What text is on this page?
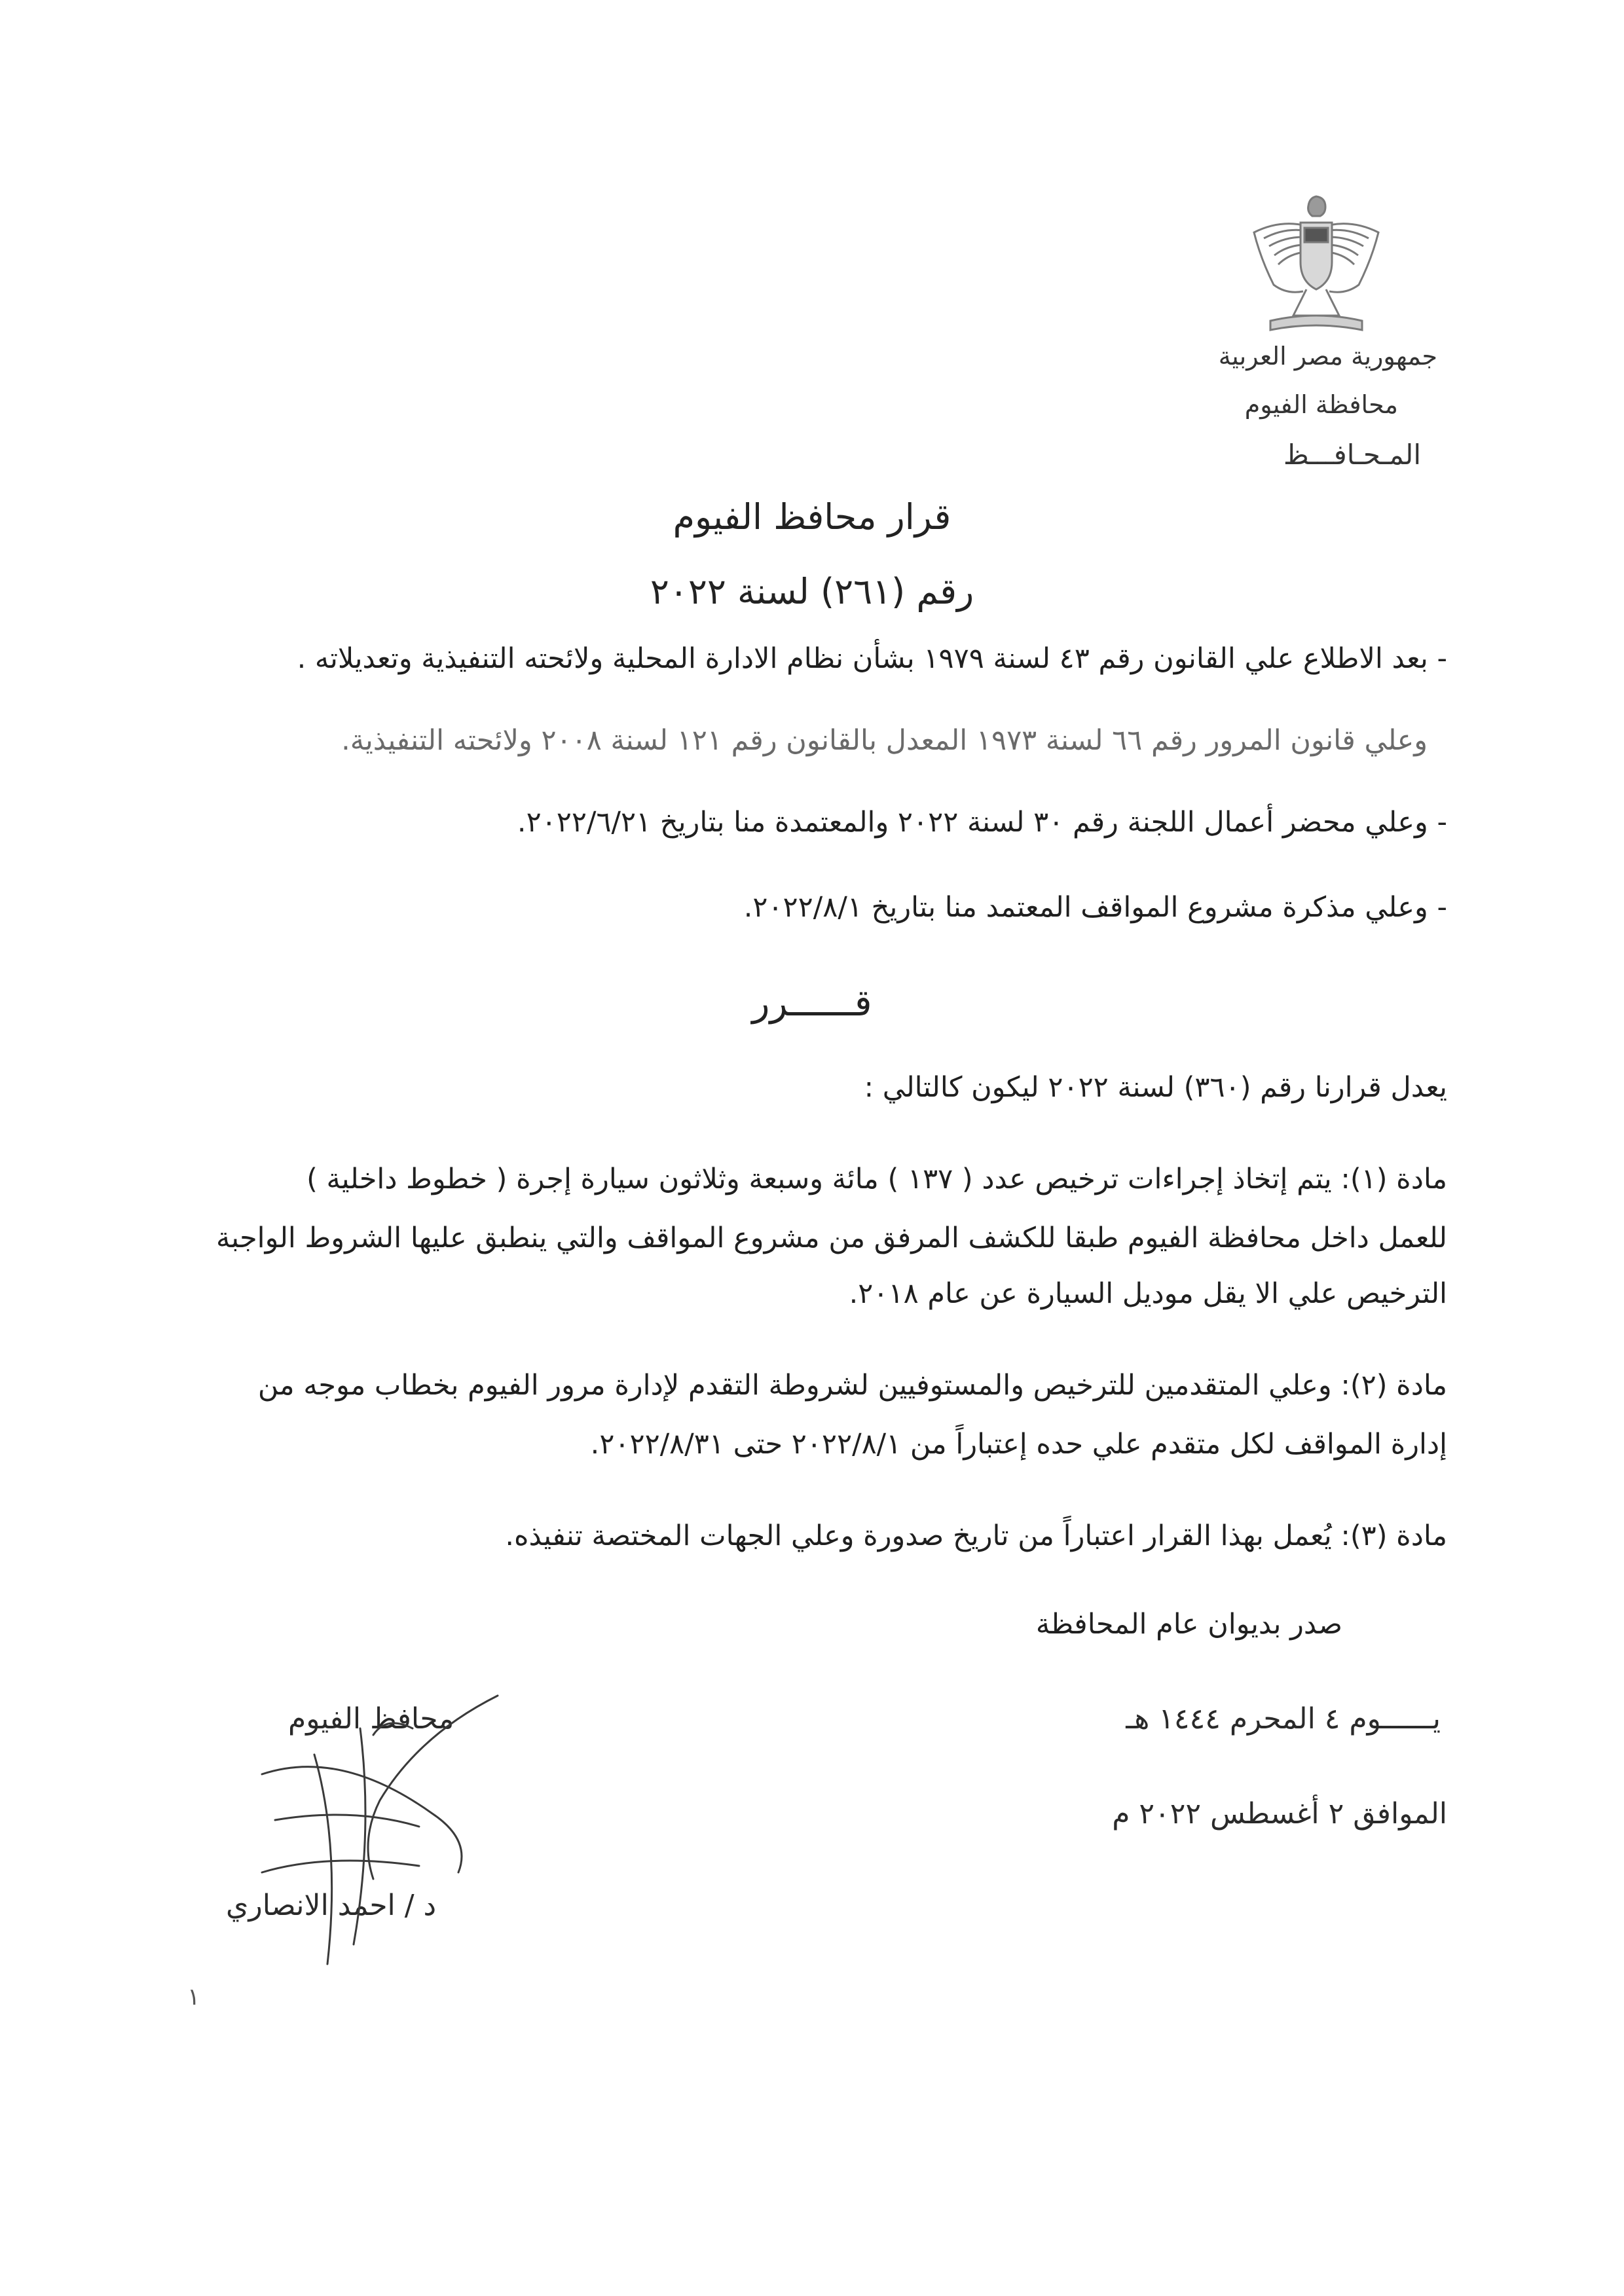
جمهورية مصر العربية
محافظة الفيوم
المـحـافـــظ
قرار محافظ الفيوم
رقم (٢٦١) لسنة ٢٠٢٢
- بعد الاطلاع علي القانون رقم ٤٣ لسنة ١٩٧٩ بشأن نظام الادارة المحلية ولائحته التنفيذية وتعديلاته .
وعلي قانون المرور رقم ٦٦ لسنة ١٩٧٣ المعدل بالقانون رقم ١٢١ لسنة ٢٠٠٨ ولائحته التنفيذية.
- وعلي محضر أعمال اللجنة رقم ٣٠ لسنة ٢٠٢٢ والمعتمدة منا بتاريخ ٢٠٢٢/٦/٢١.
- وعلي مذكرة مشروع المواقف المعتمد منا بتاريخ ٢٠٢٢/٨/١.
قــــــرر
يعدل قرارنا رقم (٣٦٠) لسنة ٢٠٢٢ ليكون كالتالي :
مادة (١): يتم إتخاذ إجراءات ترخيص عدد ( ١٣٧ ) مائة وسبعة وثلاثون سيارة إجرة ( خطوط داخلية )
للعمل داخل محافظة الفيوم طبقا للكشف المرفق من مشروع المواقف والتي ينطبق عليها الشروط الواجبة
الترخيص علي الا يقل موديل السيارة عن عام ٢٠١٨.
مادة (٢): وعلي المتقدمين للترخيص والمستوفيين لشروطة التقدم لإدارة مرور الفيوم بخطاب موجه من
إدارة المواقف لكل متقدم علي حده إعتباراً من ٢٠٢٢/٨/١ حتى ٢٠٢٢/٨/٣١.
مادة (٣): يُعمل بهذا القرار اعتباراً من تاريخ صدورة وعلي الجهات المختصة تنفيذه.
صدر بديوان عام المحافظة
يــــــوم ٤ المحرم ١٤٤٤ هـ
الموافق ٢ أغسطس ٢٠٢٢ م
محافظ الفيوم
د / احمد الانصاري
١
